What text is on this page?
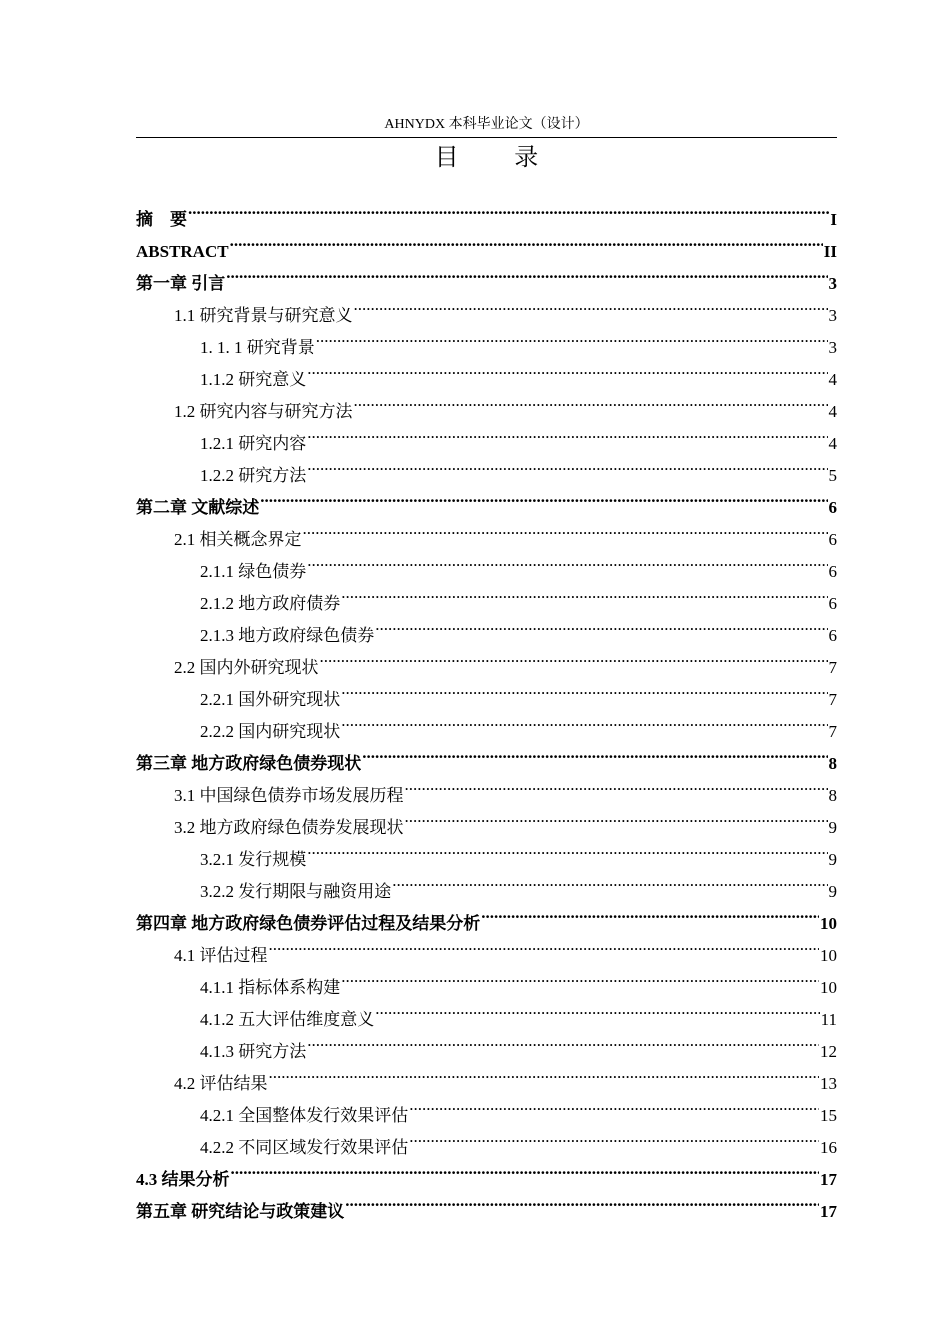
AHNYDX 本科毕业论文（设计）
目 录
摘　要 .....	I
ABSTRACT .....	II
第一章 引言 .....	3
1.1 研究背景与研究意义 .....	3
1. 1. 1 研究背景 .....	3
1.1.2 研究意义 .....	4
1.2 研究内容与研究方法 .....	4
1.2.1 研究内容 .....	4
1.2.2 研究方法 .....	5
第二章 文献综述 .....	6
2.1 相关概念界定 .....	6
2.1.1 绿色债券 .....	6
2.1.2 地方政府债券 .....	6
2.1.3 地方政府绿色债券 .....	6
2.2 国内外研究现状 .....	7
2.2.1 国外研究现状 .....	7
2.2.2 国内研究现状 .....	7
第三章 地方政府绿色债券现状 .....	8
3.1 中国绿色债券市场发展历程 .....	8
3.2 地方政府绿色债券发展现状 .....	9
3.2.1 发行规模 .....	9
3.2.2 发行期限与融资用途 .....	9
第四章 地方政府绿色债券评估过程及结果分析 .....	10
4.1 评估过程 .....	10
4.1.1 指标体系构建 .....	10
4.1.2 五大评估维度意义 .....	11
4.1.3 研究方法 .....	12
4.2 评估结果 .....	13
4.2.1 全国整体发行效果评估 .....	15
4.2.2 不同区域发行效果评估 .....	16
4.3 结果分析 .....	17
第五章 研究结论与政策建议 .....	17
